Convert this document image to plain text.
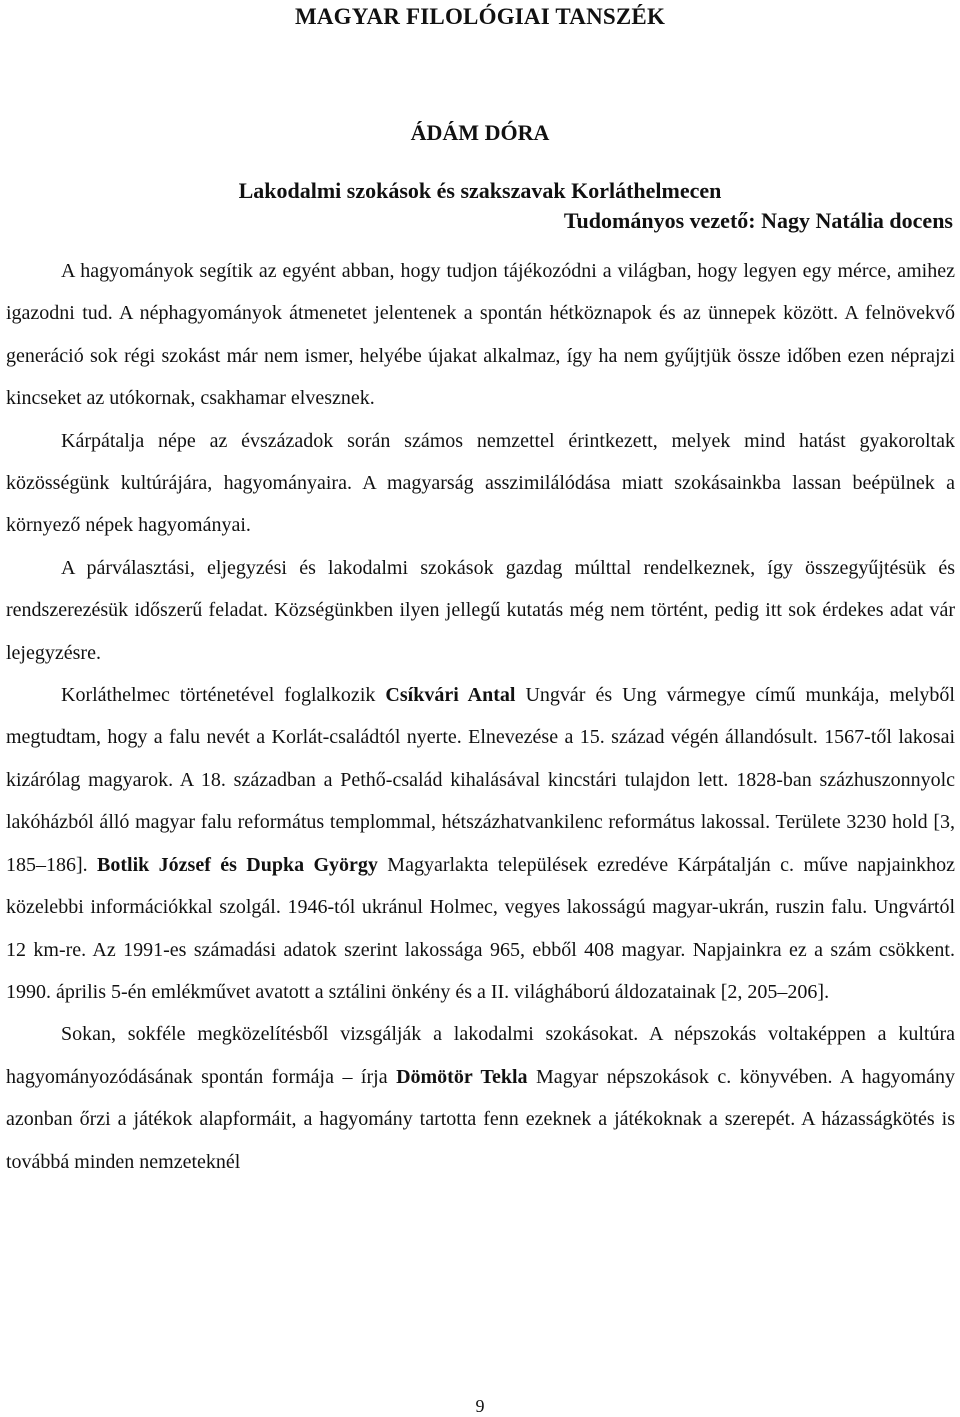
MAGYAR FILOLÓGIAI TANSZÉK
ÁDÁM DÓRA
Lakodalmi szokások és szakszavak Korláthelmecen
Tudományos vezető: Nagy Natália docens

A hagyományok segítik az egyént abban, hogy tudjon tájékozódni a világban, hogy legyen egy mérce, amihez igazodni tud. A néphagyományok átmenetet jelentenek a spontán hétköznapok és az ünnepek között. A felnövekvő generáció sok régi szokást már nem ismer, helyébe újakat alkalmaz, így ha nem gyűjtjük össze időben ezen néprajzi kincseket az utókornak, csakhamar elvesznek.

Kárpátalja népe az évszázadok során számos nemzettel érintkezett, melyek mind hatást gyakoroltak közösségünk kultúrájára, hagyományaira. A magyarság asszimilálódása miatt szokásainkba lassan beépülnek a környező népek hagyományai.

A párválasztási, eljegyzési és lakodalmi szokások gazdag múlttal rendelkeznek, így összegyűjtésük és rendszerezésük időszerű feladat. Községünkben ilyen jellegű kutatás még nem történt, pedig itt sok érdekes adat vár lejegyzésre.

Korláthelmec történetével foglalkozik Csíkvári Antal Ungvár és Ung vármegye című munkája, melyből megtudtam, hogy a falu nevét a Korlát-családtól nyerte. Elnevezése a 15. század végén állandósult. 1567-től lakosai kizárólag magyarok. A 18. században a Pethő-család kihalásával kincstári tulajdon lett. 1828-ban százhuszonnyolc lakóházból álló magyar falu református templommal, hétszázhatvankilenc református lakossal. Területe 3230 hold [3, 185–186]. Botlik József és Dupka György Magyarlakta települések ezredéve Kárpátalján c. műve napjainkhoz közelebbi információkkal szolgál. 1946-tól ukránul Holmec, vegyes lakosságú magyar-ukrán, ruszin falu. Ungvártól 12 km-re. Az 1991-es számadási adatok szerint lakossága 965, ebből 408 magyar. Napjainkra ez a szám csökkent. 1990. április 5-én emlékművet avatott a sztálini önkény és a II. világháború áldozatainak [2, 205–206].

Sokan, sokféle megközelítésből vizsgálják a lakodalmi szokásokat. A népszokás voltaképpen a kultúra hagyományozódásának spontán formája – írja Dömötör Tekla Magyar népszokások c. könyvében. A hagyomány azonban őrzi a játékok alapformáit, a hagyomány tartotta fenn ezeknek a játékoknak a szerepét. A házasságkötés is továbbá minden nemzeteknél

9
